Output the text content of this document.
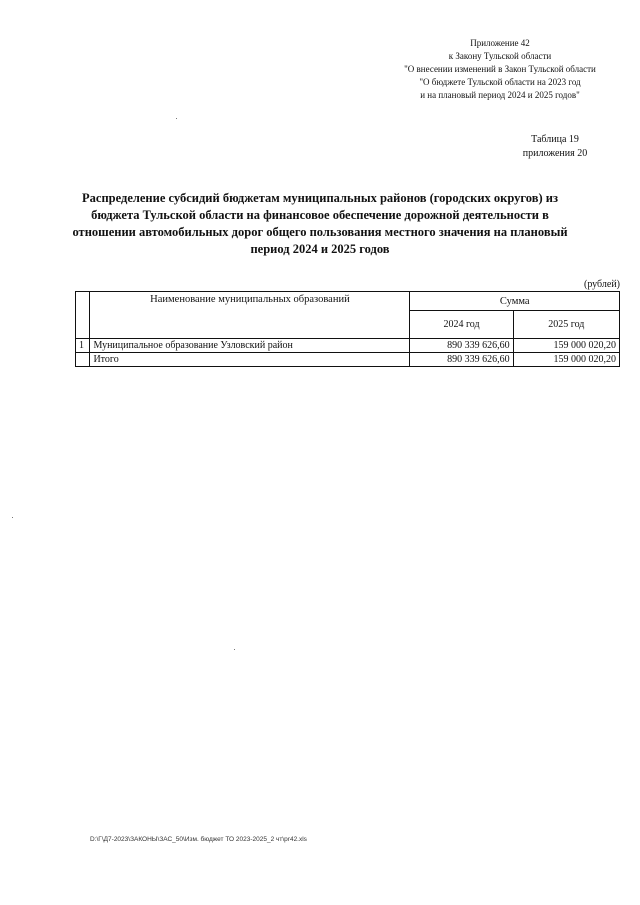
Приложение 42
к Закону Тульской области
"О внесении изменений в Закон Тульской области
"О бюджете Тульской области на 2023 год
и на плановый период 2024 и 2025 годов"
Таблица 19
приложения 20
Распределение субсидий бюджетам муниципальных районов (городских округов) из бюджета Тульской области на финансовое обеспечение дорожной деятельности в отношении автомобильных дорог общего пользования местного значения на плановый период 2024 и 2025 годов
(рублей)
	Наименование муниципальных образований	Сумма	
		2024 год	2025 год
1	Муниципальное образование Узловский район	890 339 626,60	159 000 020,20
	Итого	890 339 626,60	159 000 020,20
D:\Г\Д7-2023\ЗАКОНЫ\ЗАС_50\Изм. бюджет ТО 2023-2025_2 чт\pr42.xls
